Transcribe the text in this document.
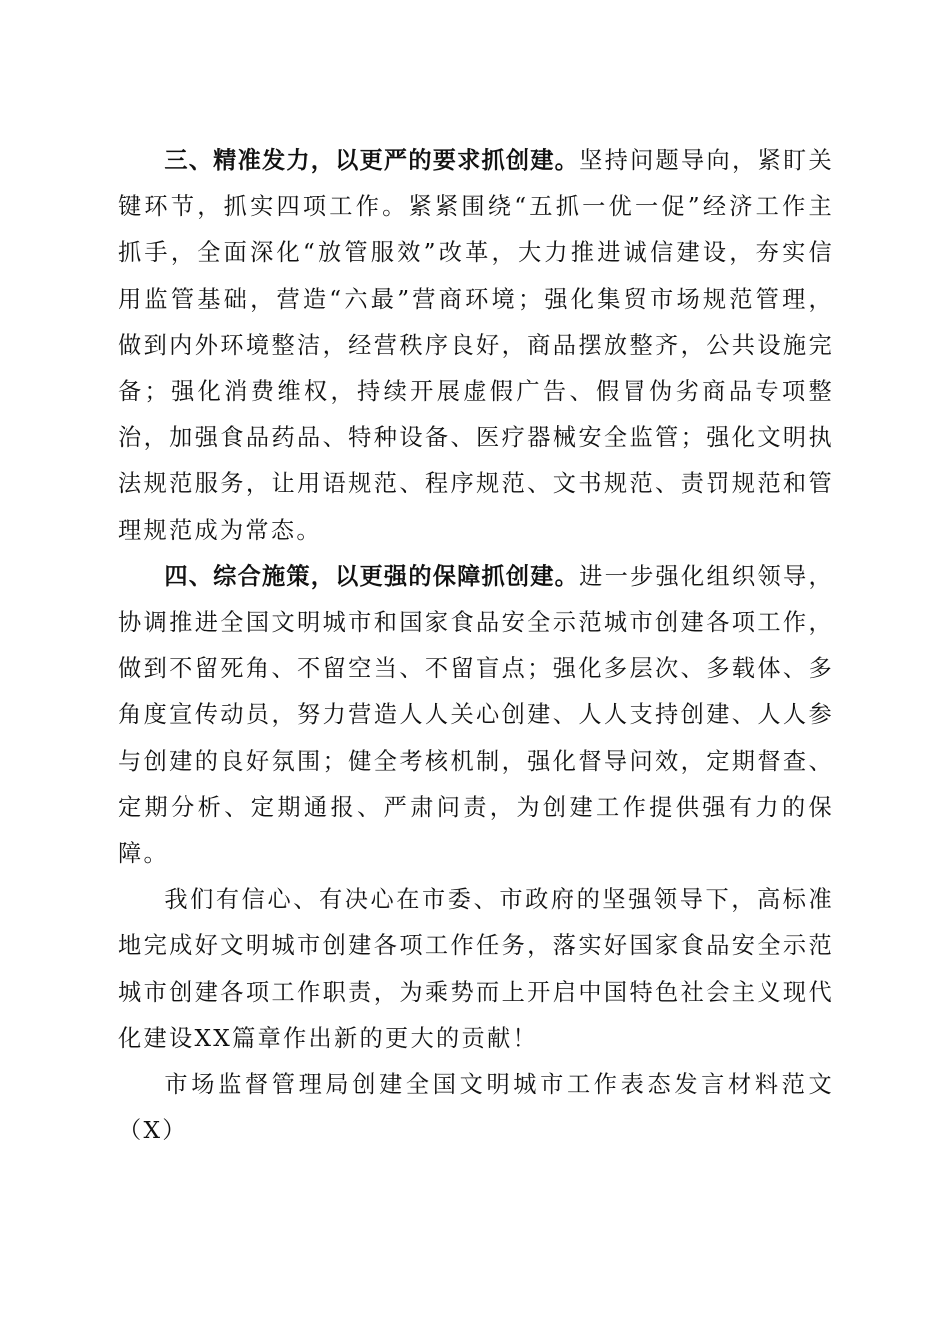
三、精准发力，以更严的要求抓创建。坚持问题导向，紧盯关键环节，抓实四项工作。紧紧围绕“五抓一优一促”经济工作主抓手，全面深化“放管服效”改革，大力推进诚信建设，夯实信用监管基础，营造“六最”营商环境；强化集贸市场规范管理，做到内外环境整洁，经营秩序良好，商品摆放整齐，公共设施完备；强化消费维权，持续开展虚假广告、假冒伪劣商品专项整治，加强食品药品、特种设备、医疗器械安全监管；强化文明执法规范服务，让用语规范、程序规范、文书规范、责罚规范和管理规范成为常态。

四、综合施策，以更强的保障抓创建。进一步强化组织领导，协调推进全国文明城市和国家食品安全示范城市创建各项工作，做到不留死角、不留空当、不留盲点；强化多层次、多载体、多角度宣传动员，努力营造人人关心创建、人人支持创建、人人参与创建的良好氛围；健全考核机制，强化督导问效，定期督查、定期分析、定期通报、严肃问责，为创建工作提供强有力的保障。

我们有信心、有决心在市委、市政府的坚强领导下，高标准地完成好文明城市创建各项工作任务，落实好国家食品安全示范城市创建各项工作职责，为乘势而上开启中国特色社会主义现代化建设XX篇章作出新的更大的贡献！

市场监督管理局创建全国文明城市工作表态发言材料范文（X）
